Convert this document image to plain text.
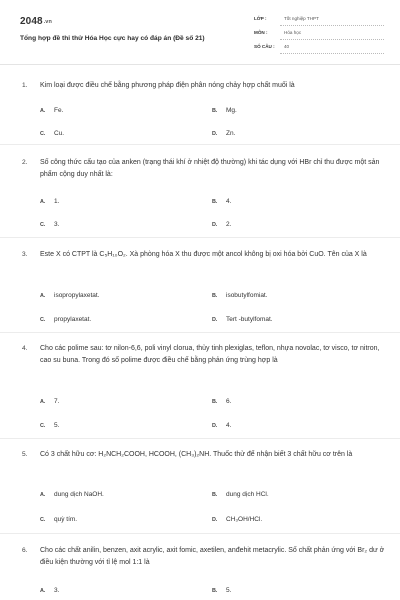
2048.vn
Tổng hợp đề thi thử Hóa Học cực hay có đáp án (Đề số 21)
LỚP :	Tốt nghiệp THPT
MÔN :	Hóa học
SỐ CÂU : 40
1. Kim loại được điều chế bằng phương pháp điện phân nóng chảy hợp chất muối là
A. Fe.	B. Mg.
C. Cu.	D. Zn.
2. Số công thức cấu tạo của anken (trạng thái khí ở nhiệt độ thường) khi tác dụng với HBr chỉ thu được một sản phẩm cộng duy nhất là:
A. 1.	B. 4.
C. 3.	D. 2.
3. Este X có CTPT là C₅H₁₀O₂. Xà phòng hóa X thu được một ancol không bị oxi hóa bởi CuO. Tên của X là
A. isopropylaxetat.	B. isobutylfomiat.
C. propylaxetat.	D. Tert -butylfomat.
4. Cho các polime sau: tơ nilon-6,6, poli vinyl clorua, thủy tinh plexiglas, teflon, nhựa novolac, tơ visco, tơ nitron, cao su buna. Trong đó số polime được điều chế bằng phản ứng trùng hợp là
A. 7.	B. 6.
C. 5.	D. 4.
5. Có 3 chất hữu cơ: H₂NCH₂COOH, HCOOH, (CH₃)₂NH. Thuốc thử để nhận biết 3 chất hữu cơ trên là
A. dung dịch NaOH.	B. dung dịch HCl.
C. quỳ tím.	D. CH₃OH/HCl.
6. Cho các chất anilin, benzen, axit acrylic, axit fomic, axetilen, anđehit metacrylic. Số chất phản ứng với Br₂ dư ở điều kiện thường với tỉ lệ mol 1:1 là
A. 3.	B. 5.
